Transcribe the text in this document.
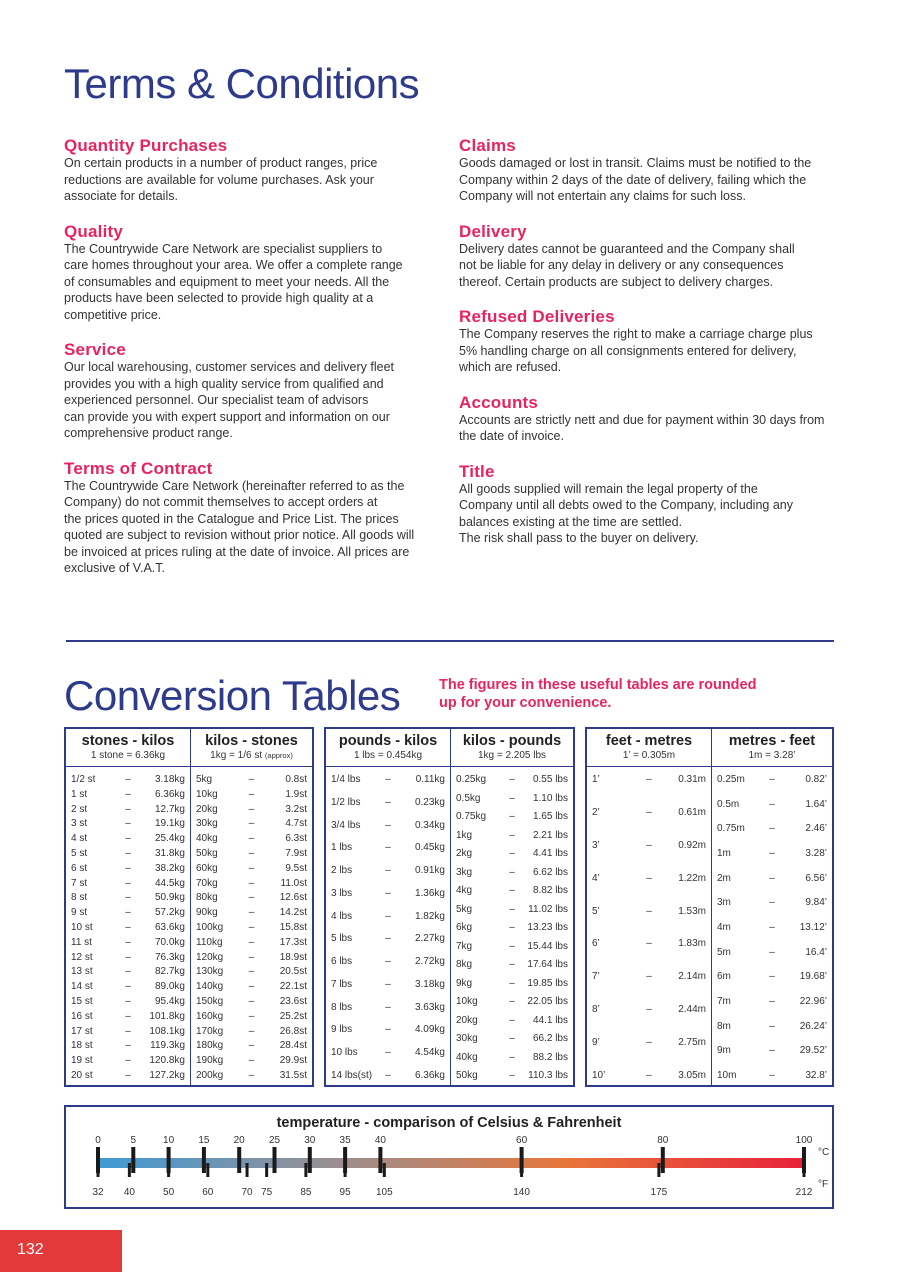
Terms & Conditions
Quantity Purchases

On certain products in a number of product ranges, price
reductions are available for volume purchases. Ask your
associate for details.

Quality

The Countrywide Care Network are specialist suppliers to
care homes throughout your area. We offer a complete range
of consumables and equipment to meet your needs. All the
products have been selected to provide high quality at a
competitive price.

Service

Our local warehousing, customer services and delivery fleet
provides you with a high quality service from qualified and
experienced personnel. Our specialist team of advisors
can provide you with expert support and information on our
comprehensive product range.

Terms of Contract

The Countrywide Care Network (hereinafter referred to as the
Company) do not commit themselves to accept orders at
the prices quoted in the Catalogue and Price List. The prices
quoted are subject to revision without prior notice. All goods will
be invoiced at prices ruling at the date of invoice. All prices are
exclusive of V.A.T.

Claims

Goods damaged or lost in transit. Claims must be notified to the
Company within 2 days of the date of delivery, failing which the
Company will not entertain any claims for such loss.

Delivery

Delivery dates cannot be guaranteed and the Company shall
not be liable for any delay in delivery or any consequences
thereof. Certain products are subject to delivery charges.

Refused Deliveries

The Company reserves the right to make a carriage charge plus
5% handling charge on all consignments entered for delivery,
which are refused.

Accounts

Accounts are strictly nett and due for payment within 30 days from
the date of invoice.

Title

All goods supplied will remain the legal property of the
Company until all debts owed to the Company, including any
balances existing at the time are settled.
The risk shall pass to the buyer on delivery.

Conversion Tables	The figures in these useful tables are rounded
up for your convenience.
stones - kilos
1 stone = 6.36kg
1/2 st	–	3.18kg
1 st	–	6.36kg
2 st	–	12.7kg
3 st	–	19.1kg
4 st	–	25.4kg
5 st	–	31.8kg
6 st	–	38.2kg
7 st	–	44.5kg
8 st	–	50.9kg
9 st	–	57.2kg
10 st	–	63.6kg
11 st	–	70.0kg
12 st	–	76.3kg
13 st	–	82.7kg
14 st	–	89.0kg
15 st	–	95.4kg
16 st	–	101.8kg
17 st	–	108.1kg
18 st	–	119.3kg
19 st	–	120.8kg
20 st	–	127.2kg
kilos - stones
1kg = 1/6 st (approx)
5kg	–	0.8st
10kg	–	1.9st
20kg	–	3.2st
30kg	–	4.7st
40kg	–	6.3st
50kg	–	7.9st
60kg	–	9.5st
70kg	–	11.0st
80kg	–	12.6st
90kg	–	14.2st
100kg	–	15.8st
110kg	–	17.3st
120kg	–	18.9st
130kg	–	20.5st
140kg	–	22.1st
150kg	–	23.6st
160kg	–	25.2st
170kg	–	26.8st
180kg	–	28.4st
190kg	–	29.9st
200kg	–	31.5st
pounds - kilos
1 lbs = 0.454kg
1/4 lbs	–	0.11kg
1/2 lbs	–	0.23kg
3/4 lbs	–	0.34kg
1 lbs	–	0.45kg
2 lbs	–	0.91kg
3 lbs	–	1.36kg
4 lbs	–	1.82kg
5 lbs	–	2.27kg
6 lbs	–	2.72kg
7 lbs	–	3.18kg
8 lbs	–	3.63kg
9 lbs	–	4.09kg
10 lbs	–	4.54kg
14 lbs(st)	–	6.36kg
kilos - pounds
1kg = 2.205 lbs
0.25kg	–	0.55 lbs
0.5kg	–	1.10 lbs
0.75kg	–	1.65 lbs
1kg	–	2.21 lbs
2kg	–	4.41 lbs
3kg	–	6.62 lbs
4kg	–	8.82 lbs
5kg	–	11.02 lbs
6kg	–	13.23 lbs
7kg	–	15.44 lbs
8kg	–	17.64 lbs
9kg	–	19.85 lbs
10kg	–	22.05 lbs
20kg	–	44.1 lbs
30kg	–	66.2 lbs
40kg	–	88.2 lbs
50kg	–	110.3 lbs
feet - metres
1’ = 0.305m
1’	–	0.31m
2’	–	0.61m
3’	–	0.92m
4’	–	1.22m
5’	–	1.53m
6’	–	1.83m
7’	–	2.14m
8’	–	2.44m
9’	–	2.75m
10’	–	3.05m
metres - feet
1m = 3.28’
0.25m	–	0.82’
0.5m	–	1.64’
0.75m	–	2.46’
1m	–	3.28’
2m	–	6.56’
3m	–	9.84’
4m	–	13.12’
5m	–	16.4’
6m	–	19.68’
7m	–	22.96’
8m	–	26.24’
9m	–	29.52’
10m	–	32.8’
temperature - comparison of Celsius & Fahrenheit
0	5	10 15 20 25 30 35 40	60	80	100
32 40	50	60	70 75	85	95	105	140	175	212
°C
°F
132
